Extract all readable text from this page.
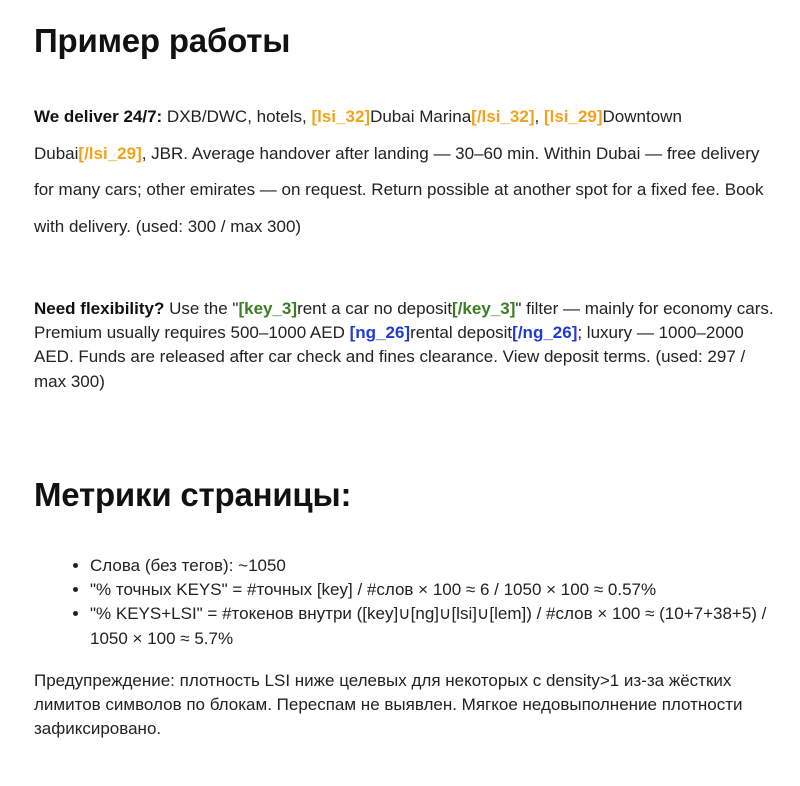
Пример работы

We deliver 24/7: DXB/DWC, hotels, [lsi_32]Dubai Marina[/lsi_32], [lsi_29]Downtown Dubai[/lsi_29], JBR. Average handover after landing — 30–60 min. Within Dubai — free delivery for many cars; other emirates — on request. Return possible at another spot for a fixed fee. Book with delivery. (used: 300 / max 300)

Need flexibility? Use the "[key_3]rent a car no deposit[/key_3]" filter — mainly for economy cars. Premium usually requires 500–1000 AED [ng_26]rental deposit[/ng_26]; luxury — 1000–2000 AED. Funds are released after car check and fines clearance. View deposit terms. (used: 297 / max 300)

Метрики страницы:
• Слова (без тегов): ~1050
• "% точных KEYS" = #точных [key] / #слов × 100 ≈ 6 / 1050 × 100 ≈ 0.57%
• "% KEYS+LSI" = #токенов внутри ([key]∪[ng]∪[lsi]∪[lem]) / #слов × 100 ≈ (10+7+38+5) / 1050 × 100 ≈ 5.7%

Предупреждение: плотность LSI ниже целевых для некоторых с density>1 из-за жёстких лимитов символов по блокам. Переспам не выявлен. Мягкое недовыполнение плотности зафиксировано.
